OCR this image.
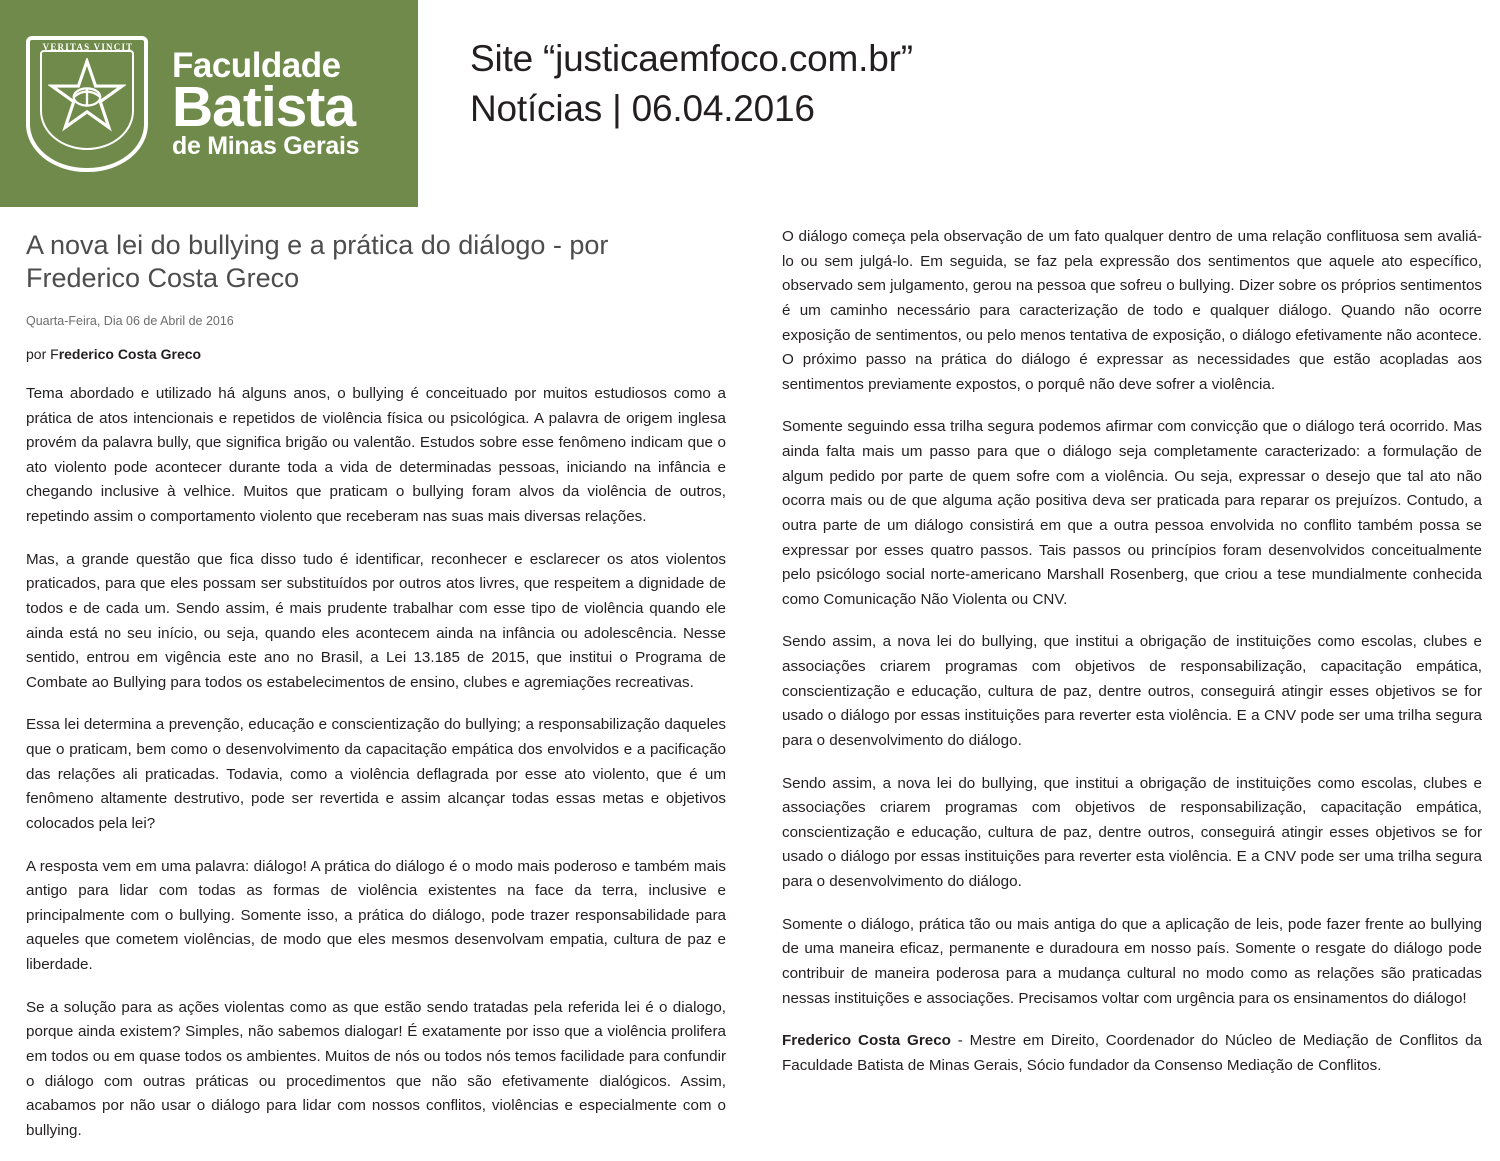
VERITAS VINCIT	Faculdade
Batista
de Minas Gerais
Site “justicaemfoco.com.br”
Notícias | 06.04.2016
A nova lei do bullying e a prática do diálogo - por Frederico Costa Greco
Quarta-Feira, Dia 06 de Abril de 2016
por Frederico Costa Greco

Tema abordado e utilizado há alguns anos, o bullying é conceituado por muitos estudiosos como a prática de atos intencionais e repetidos de violência física ou psicológica. A palavra de origem inglesa provém da palavra bully, que significa brigão ou valentão. Estudos sobre esse fenômeno indicam que o ato violento pode acontecer durante toda a vida de determinadas pessoas, iniciando na infância e chegando inclusive à velhice. Muitos que praticam o bullying foram alvos da violência de outros, repetindo assim o comportamento violento que receberam nas suas mais diversas relações.

Mas, a grande questão que fica disso tudo é identificar, reconhecer e esclarecer os atos violentos praticados, para que eles possam ser substituídos por outros atos livres, que respeitem a dignidade de todos e de cada um. Sendo assim, é mais prudente trabalhar com esse tipo de violência quando ele ainda está no seu início, ou seja, quando eles acontecem ainda na infância ou adolescência. Nesse sentido, entrou em vigência este ano no Brasil, a Lei 13.185 de 2015, que institui o Programa de Combate ao Bullying para todos os estabelecimentos de ensino, clubes e agremiações recreativas.

Essa lei determina a prevenção, educação e conscientização do bullying; a responsabilização daqueles que o praticam, bem como o desenvolvimento da capacitação empática dos envolvidos e a pacificação das relações ali praticadas. Todavia, como a violência deflagrada por esse ato violento, que é um fenômeno altamente destrutivo, pode ser revertida e assim alcançar todas essas metas e objetivos colocados pela lei?

A resposta vem em uma palavra: diálogo! A prática do diálogo é o modo mais poderoso e também mais antigo para lidar com todas as formas de violência existentes na face da terra, inclusive e principalmente com o bullying. Somente isso, a prática do diálogo, pode trazer responsabilidade para aqueles que cometem violências, de modo que eles mesmos desenvolvam empatia, cultura de paz e liberdade.

Se a solução para as ações violentas como as que estão sendo tratadas pela referida lei é o dialogo, porque ainda existem? Simples, não sabemos dialogar! É exatamente por isso que a violência prolifera em todos ou em quase todos os ambientes. Muitos de nós ou todos nós temos facilidade para confundir o diálogo com outras práticas ou procedimentos que não são efetivamente dialógicos. Assim, acabamos por não usar o diálogo para lidar com nossos conflitos, violências e especialmente com o bullying.

O diálogo começa pela observação de um fato qualquer dentro de uma relação conflituosa sem avaliá-lo ou sem julgá-lo. Em seguida, se faz pela expressão dos sentimentos que aquele ato específico, observado sem julgamento, gerou na pessoa que sofreu o bullying. Dizer sobre os próprios sentimentos é um caminho necessário para caracterização de todo e qualquer diálogo. Quando não ocorre exposição de sentimentos, ou pelo menos tentativa de exposição, o diálogo efetivamente não acontece. O próximo passo na prática do diálogo é expressar as necessidades que estão acopladas aos sentimentos previamente expostos, o porquê não deve sofrer a violência.

Somente seguindo essa trilha segura podemos afirmar com convicção que o diálogo terá ocorrido. Mas ainda falta mais um passo para que o diálogo seja completamente caracterizado: a formulação de algum pedido por parte de quem sofre com a violência. Ou seja, expressar o desejo que tal ato não ocorra mais ou de que alguma ação positiva deva ser praticada para reparar os prejuízos. Contudo, a outra parte de um diálogo consistirá em que a outra pessoa envolvida no conflito também possa se expressar por esses quatro passos. Tais passos ou princípios foram desenvolvidos conceitualmente pelo psicólogo social norte-americano Marshall Rosenberg, que criou a tese mundialmente conhecida como Comunicação Não Violenta ou CNV.

Sendo assim, a nova lei do bullying, que institui a obrigação de instituições como escolas, clubes e associações criarem programas com objetivos de responsabilização, capacitação empática, conscientização e educação, cultura de paz, dentre outros, conseguirá atingir esses objetivos se for usado o diálogo por essas instituições para reverter esta violência. E a CNV pode ser uma trilha segura para o desenvolvimento do diálogo.

Sendo assim, a nova lei do bullying, que institui a obrigação de instituições como escolas, clubes e associações criarem programas com objetivos de responsabilização, capacitação empática, conscientização e educação, cultura de paz, dentre outros, conseguirá atingir esses objetivos se for usado o diálogo por essas instituições para reverter esta violência. E a CNV pode ser uma trilha segura para o desenvolvimento do diálogo.

Somente o diálogo, prática tão ou mais antiga do que a aplicação de leis, pode fazer frente ao bullying de uma maneira eficaz, permanente e duradoura em nosso país. Somente o resgate do diálogo pode contribuir de maneira poderosa para a mudança cultural no modo como as relações são praticadas nessas instituições e associações. Precisamos voltar com urgência para os ensinamentos do diálogo!

Frederico Costa Greco - Mestre em Direito, Coordenador do Núcleo de Mediação de Conflitos da Faculdade Batista de Minas Gerais, Sócio fundador da Consenso Mediação de Conflitos.
